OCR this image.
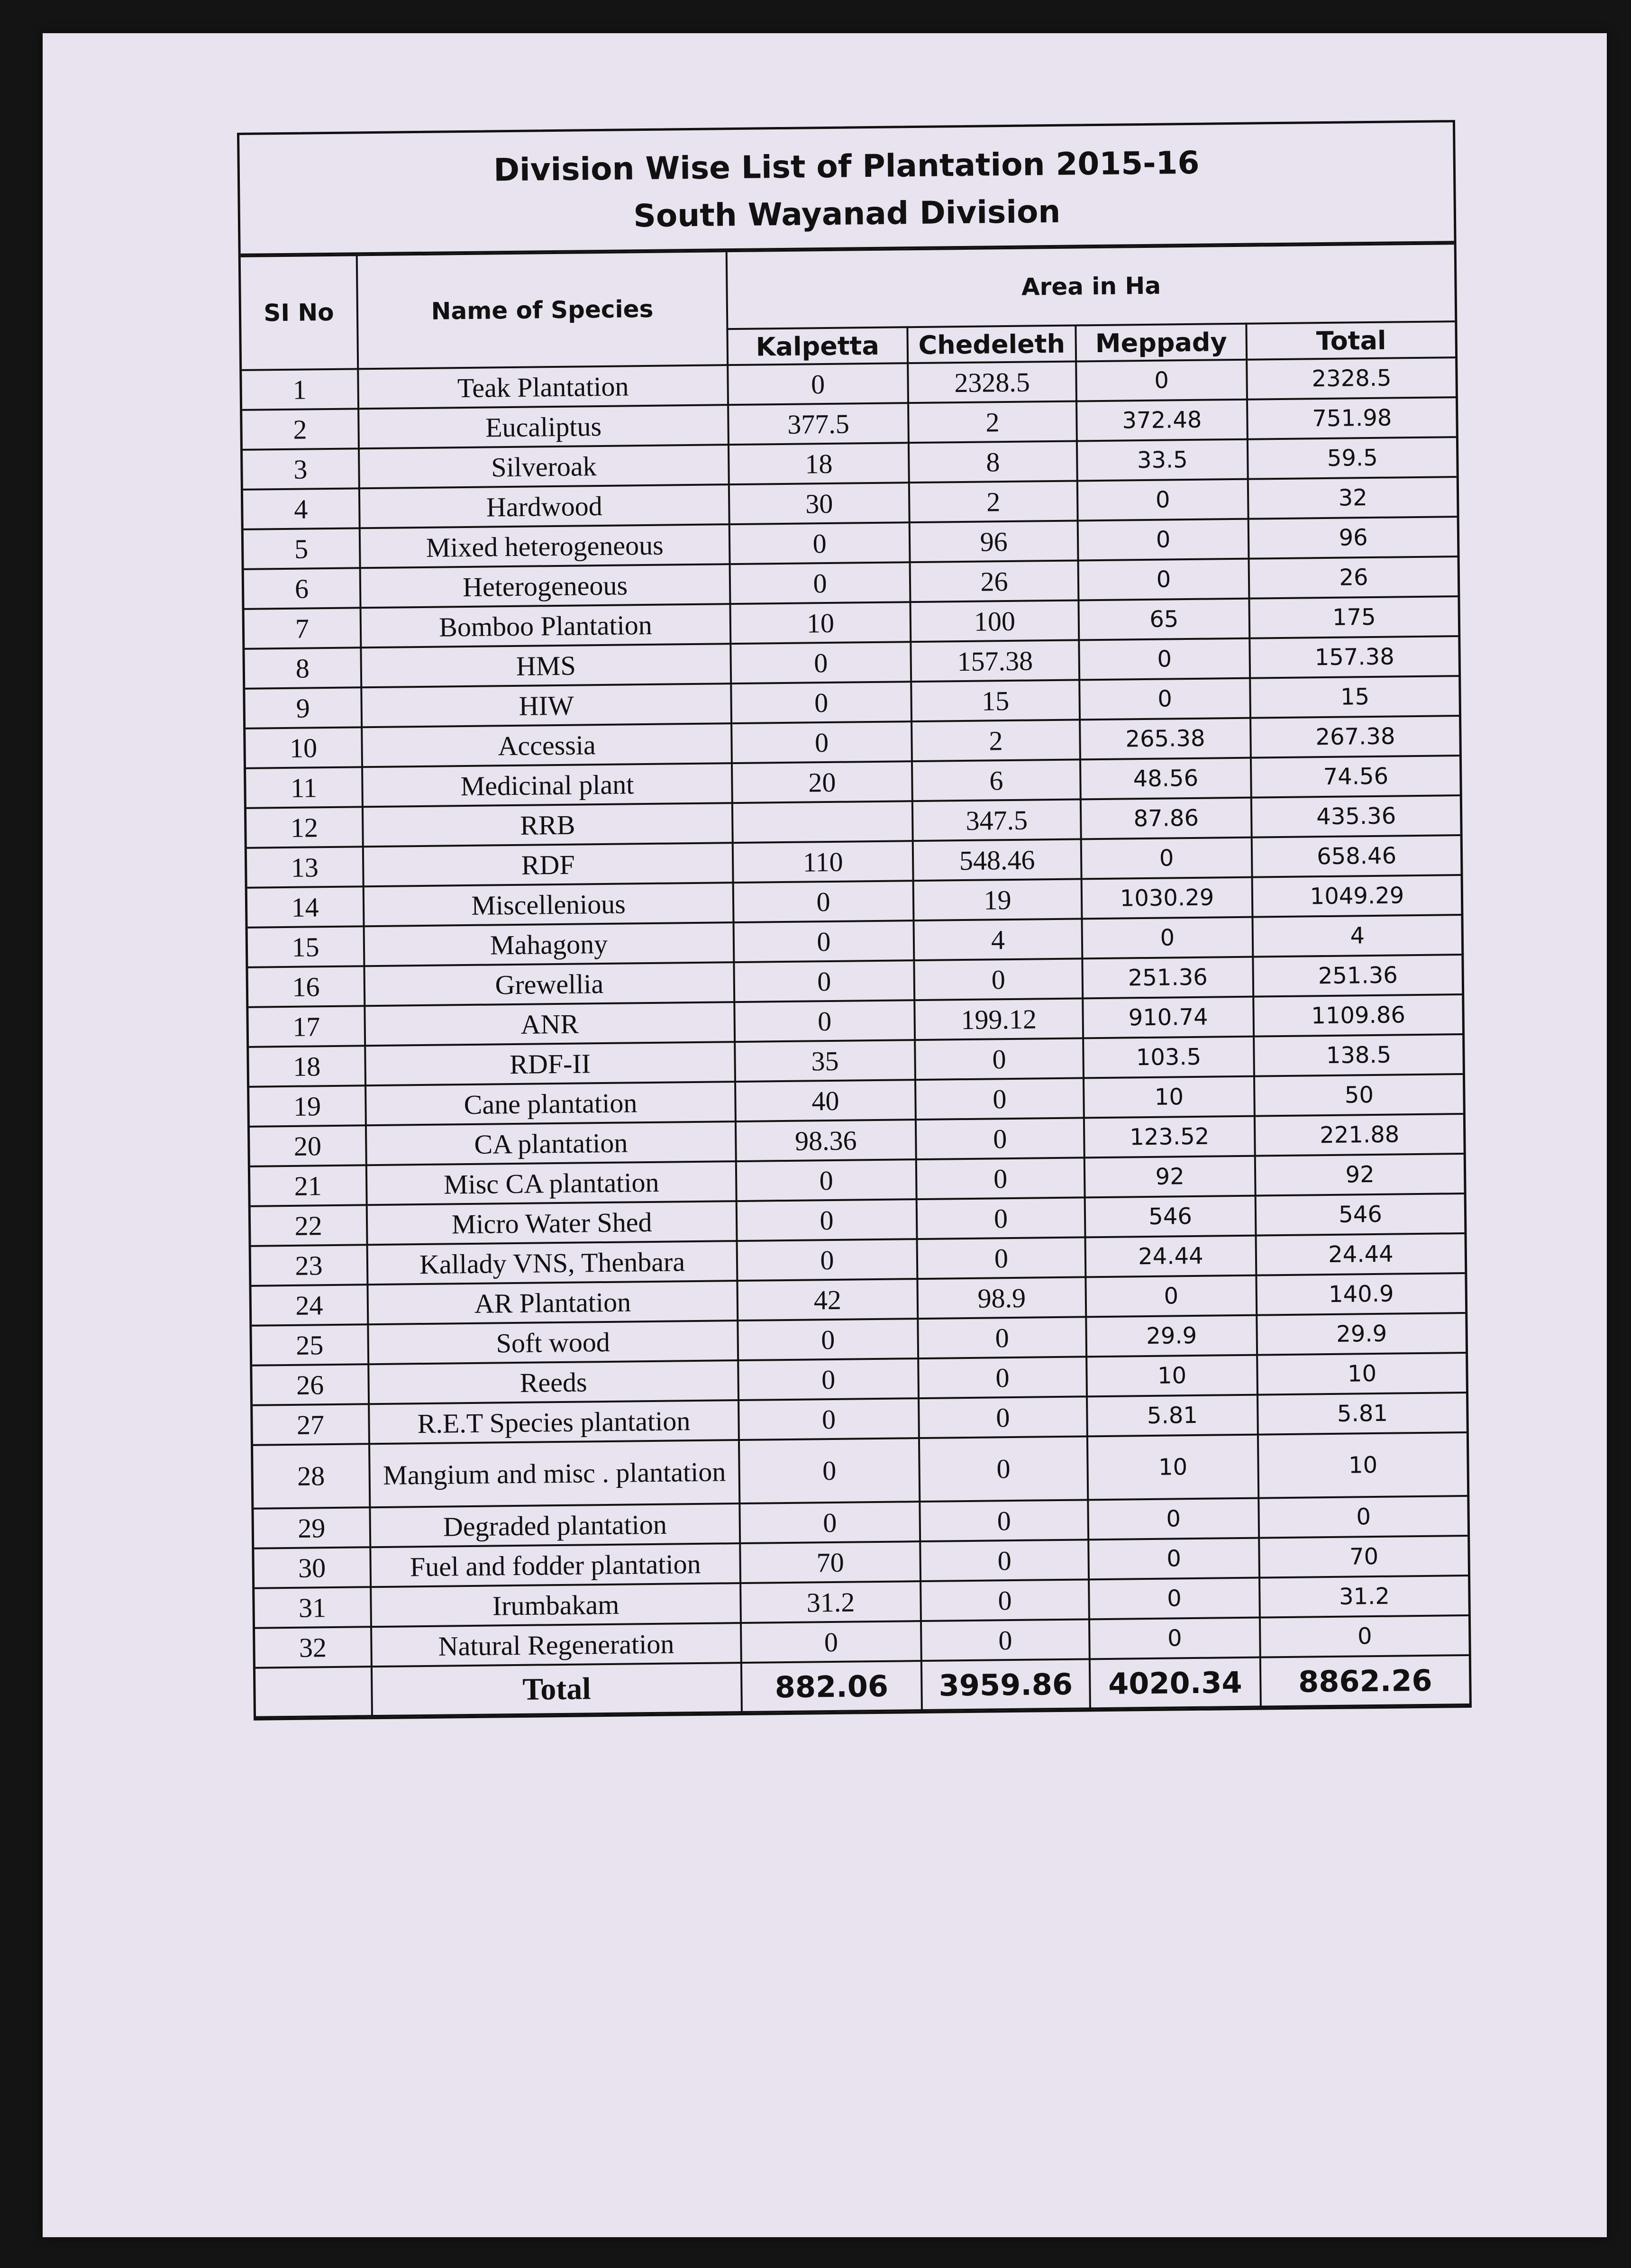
Division Wise List of Plantation 2015-16
South Wayanad Division
SI No	Name of Species	Area in Ha			
		Kalpetta	Chedeleth	Meppady	Total
1	Teak Plantation	0	2328.5	0	2328.5
2	Eucaliptus	377.5	2	372.48	751.98
3	Silveroak	18	8	33.5	59.5
4	Hardwood	30	2	0	32
5	Mixed heterogeneous	0	96	0	96
6	Heterogeneous	0	26	0	26
7	Bomboo Plantation	10	100	65	175
8	HMS	0	157.38	0	157.38
9	HIW	0	15	0	15
10	Accessia	0	2	265.38	267.38
11	Medicinal plant	20	6	48.56	74.56
12	RRB		347.5	87.86	435.36
13	RDF	110	548.46	0	658.46
14	Miscellenious	0	19	1030.29	1049.29
15	Mahagony	0	4	0	4
16	Grewellia	0	0	251.36	251.36
17	ANR	0	199.12	910.74	1109.86
18	RDF-II	35	0	103.5	138.5
19	Cane plantation	40	0	10	50
20	CA plantation	98.36	0	123.52	221.88
21	Misc CA plantation	0	0	92	92
22	Micro Water Shed	0	0	546	546
23	Kallady VNS, Thenbara	0	0	24.44	24.44
24	AR Plantation	42	98.9	0	140.9
25	Soft wood	0	0	29.9	29.9
26	Reeds	0	0	10	10
27	R.E.T Species plantation	0	0	5.81	5.81
28	Mangium and misc . plantation	0	0	10	10
29	Degraded plantation	0	0	0	0
30	Fuel and fodder plantation	70	0	0	70
31	Irumbakam	31.2	0	0	31.2
32	Natural Regeneration	0	0	0	0
	Total	882.06	3959.86	4020.34	8862.26
